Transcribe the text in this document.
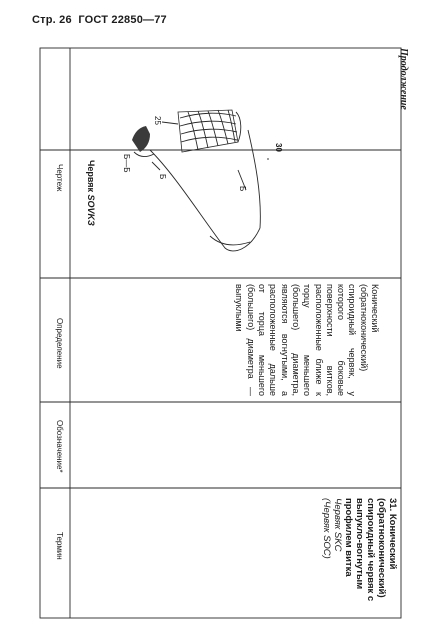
Стр. 26 ГОСТ 22850—77
Продолжение
Термин
Обозначение*
Определение
Чертеж
31. Конический (обратноконический) спироидный червяк с выпукло-вогнутым профилем витка
Червяк SKC
(Червяк SOC)
Конический (обратноконический) спироидный червяк, у которого боковые поверхности витков, расположенные ближе к торцу меньшего (большего) диаметра, являются вогнутыми, а расположенные дальше от торца меньшего (большего) диаметра — выпуклыми
Червяк SOVKЗ
25
Б
Б
Б—Б
30
